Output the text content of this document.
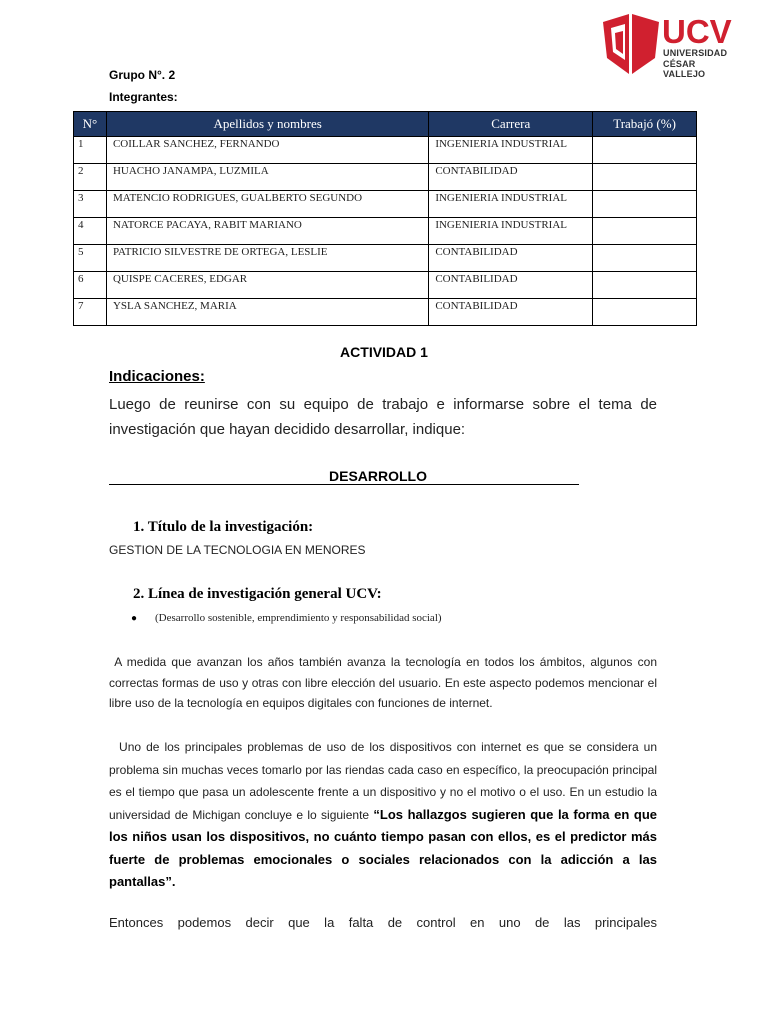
UCV
UNIVERSIDAD
CÉSAR VALLEJO
Grupo N°. 2
Integrantes:
N°	Apellidos y nombres	Carrera	Trabajó (%)
1	COILLAR SANCHEZ, FERNANDO	INGENIERIA INDUSTRIAL	
2	HUACHO JANAMPA, LUZMILA	CONTABILIDAD	
3	MATENCIO RODRIGUES, GUALBERTO SEGUNDO	INGENIERIA INDUSTRIAL	
4	NATORCE PACAYA, RABIT MARIANO	INGENIERIA INDUSTRIAL	
5	PATRICIO SILVESTRE DE ORTEGA, LESLIE	CONTABILIDAD	
6	QUISPE CACERES, EDGAR	CONTABILIDAD	
7	YSLA SANCHEZ, MARIA	CONTABILIDAD	
ACTIVIDAD 1
Indicaciones:
Luego de reunirse con su equipo de trabajo e informarse sobre el tema de investigación que hayan decidido desarrollar, indique:
DESARROLLO
1. Título de la investigación:
GESTION DE LA TECNOLOGIA EN MENORES
2. Línea de investigación general UCV:
● (Desarrollo sostenible, emprendimiento y responsabilidad social)
A medida que avanzan los años también avanza la tecnología en todos los ámbitos, algunos con correctas formas de uso y otras con libre elección del usuario. En este aspecto podemos mencionar el libre uso de la tecnología en equipos digitales con funciones de internet.
Uno de los principales problemas de uso de los dispositivos con internet es que se considera un problema sin muchas veces tomarlo por las riendas cada caso en específico, la preocupación principal es el tiempo que pasa un adolescente frente a un dispositivo y no el motivo o el uso. En un estudio la universidad de Michigan concluye e lo siguiente “Los hallazgos sugieren que la forma en que los niños usan los dispositivos, no cuánto tiempo pasan con ellos, es el predictor más fuerte de problemas emocionales o sociales relacionados con la adicción a las pantallas”.
Entonces podemos decir que la falta de control en uno de las principales
